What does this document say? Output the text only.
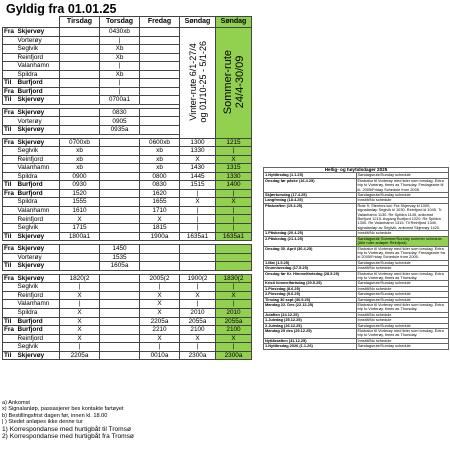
Gyldig fra 01.01.25
		Tirsdag	Torsdag	Fredag	Søndag	Søndag
Fra	Skjervøy		0430xb		Vinter-rute 6/1-27/4
og 01/10-25 - 5/1-26	Sommer-rute
24/4-30/09
	Vorterøy		|			
	Seglvik		Xb			
	Reinfjord		Xb			
	Valanhamn		|			
	Spildra		Xb			
Til	Burfjord		|			
Fra	Burfjord		|			
Til	Skjervøy		0700a1			

Fra	Skjervøy		0830			
	Vorterøy		0905			
Til	Skjervøy		0935a			

Fra	Skjervøy	0700xb		0600xb	1300	1215
	Seglvik	xb		xb	1330	|
	Reinfjord	xb		xb	X	X
	Valanhamn	xb		xb	1430	1315
	Spildra	0900		0800	1445	1330
Til	Burfjord	0930		0830	1515	1400
Fra	Burfjord	1520		1620	|	|
	Spildra	1555		1655	X	X
	Valanhamn	1610		1710	|	|
	Reinfjord	X		X	|	|
	Seglvik	1715		1815	|	|
Til	Skjervøy	1800a1		1900a	1635a1	1635a1

Fra	Skjervøy		1450			
	Vorterøy		1535			
Til	Skjervøy		1605a			

Fra	Skjervøy	1820(2		2005(2	1900(2	1830(2
	Seglvik	|		|	|	|
	Reinfjord	X		X	X	X
	Valanhamn	|		X	|	|
	Spildra	X		X	2010	2010
Til	Burfjord	X		2205a	2055a	2055a
Fra	Burfjord	X		2210	2100	2100
	Reinfjord	X		X	X	X
	Seglvik	|		|	|	|
Til	Skjervøy	2205a		0010a	2300a	2300a
a) Ankomst
x) Signalanløp, passasjerer bes kontakte fartøyet
b) Bestillingsfrist dagen før, innen kl. 18.00
| ) Stedet anløpes ikke denne tur
1) Korrespondanse med hurtigbåt til Tromsø
2) Korrespondanse med hurtigbåt fra Tromsø
Hellig- og høytidsdager 2025	
1.Nyttårsdag (1.1.25)	Søndagsrute/Sunday schedule
Onsdag før påske (16.4.25)	Ekstratur til Vorterøy med tider som torsdag. Extra trip to Vorterøy, times as Thursday. Fredagsrute til kl. 2005/Friday Schedule from 2005.
Skjærtorsdag (17.4.25)	Søndagsrute/Sunday schedule
Langfredag (18.4.25)	Innstilt/No schedule
Påskeaften (19.4.25)	Rute 9: Stenhes kai: Fra Skjervøy kl 1000, signalanløp Seglvik kl 1030. Reinfjord kl 1045. Tr. Valanhamn 1130. Re Spildra 1145, ankomst Burfjord 1215. Avgang Burfjord 1220. Re Spildra 1300. Re Valanhamn 1315. Til Reinfjord 1340, signalanløp av Seglvik, ankomst Skjervøy 1420.
1.Påskedag (20.4.25)	Innstilt/No schedule
2.Påskedag (21.4.25)	Søndagsrute Sommer/Sunday summer schedule. (Alle ruter anløper Reinfjord)
Onsdag 30. April (30.4.25)	Ekstratur til Vorterøy med tider som torsdag. Extra trip to Vorterøy, times as Thursday. Fredagsrute fra kl 2005/Friday Schedule from 2005.
1.Mai (1.5.25)	Søndagsrute/Sunday schedule
Grunnlovsdag (17.5.25)	Innstilt/No schedule
Onsdag før Kr. Himmelfartsdag (28.5.25)	Ekstratur til Vorterøy med tider som torsdag. Extra trip to Vorterøy, times as Thursday.
Kristi himmelfartsdag (29.5.25)	Søndagsrute/Sunday schedule
1.Pinsedag (8.6.25)	Innstilt/No schedule
2.Pinsedag (9.6.25)	Søndagsrute/Sunday schedule
Tirsdag 30 sept (30.9.25)	Søndagsrute/Sunday schedule
Mandag 22. Des (22.12.25)	Ekstratur til Vorterøy med tider som torsdag. Extra trip to Vorterøy, times as Thursday.
Julaften (24.12.25)	Innstilt/No schedule
1.Juledag (25.12.25)	Innstilt/No schedule
2.Juledag (26.12.25)	Søndagsrute/Sunday schedule
Mandag 29 des (29.12.25)	Ekstratur til Vorterøy med tider som torsdag. Extra trip to Vorterøy, times as Thursday.
Nyttårsaften (31.12.25)	Innstilt/No schedule
1.Nyttårsdag 2026 (1.1.26)	Søndagsrute/Sunday schedule
